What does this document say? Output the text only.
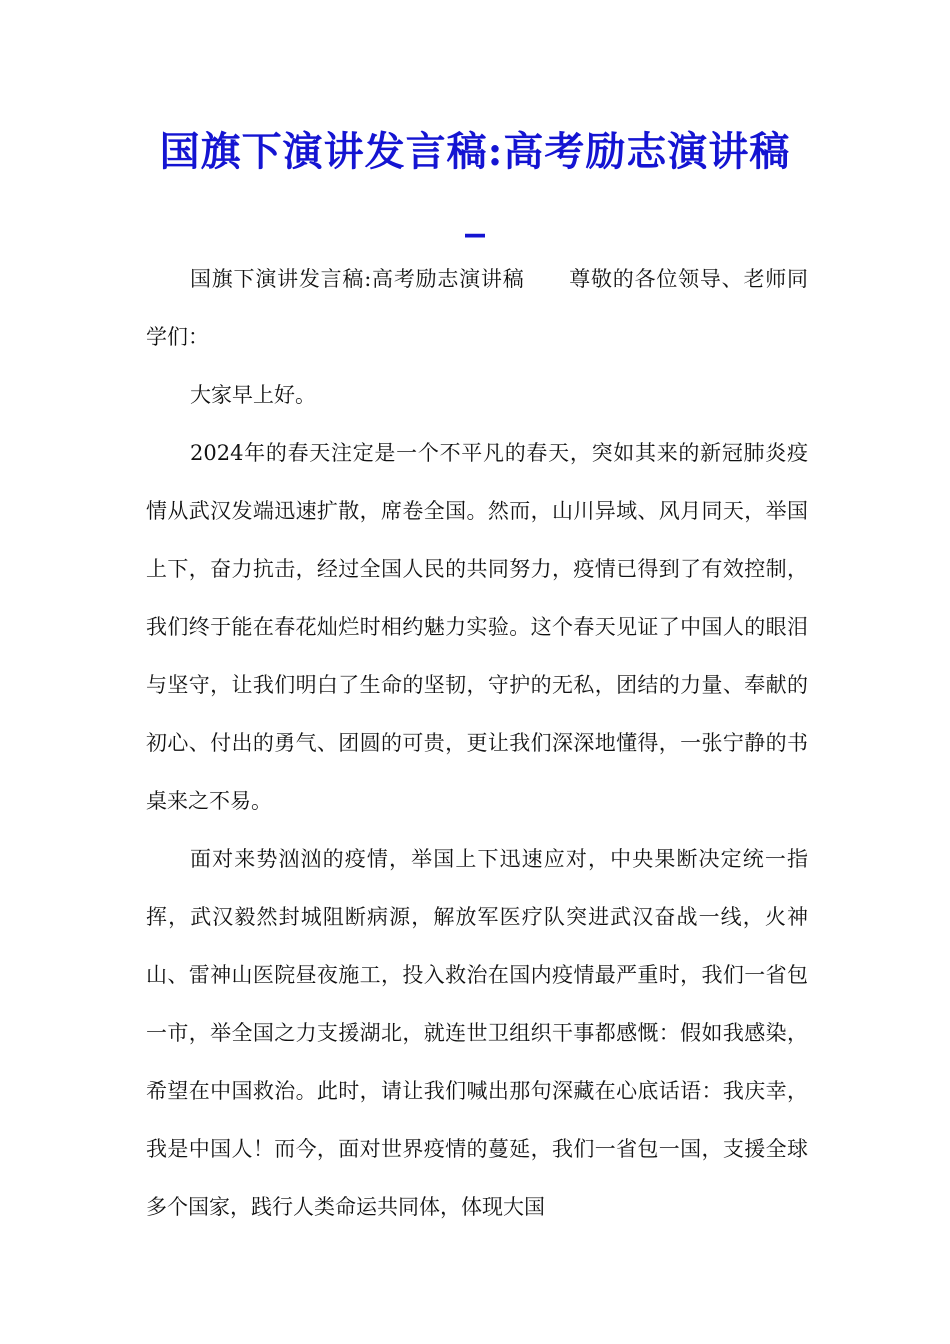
国旗下演讲发言稿:高考励志演讲稿
_

国旗下演讲发言稿:高考励志演讲稿 尊敬的各位领导、老师同学们：

大家早上好。

2024年的春天注定是一个不平凡的春天，突如其来的新冠肺炎疫情从武汉发端迅速扩散，席卷全国。然而，山川异域、风月同天，举国上下，奋力抗击，经过全国人民的共同努力，疫情已得到了有效控制，我们终于能在春花灿烂时相约魅力实验。这个春天见证了中国人的眼泪与坚守，让我们明白了生命的坚韧，守护的无私，团结的力量、奉献的初心、付出的勇气、团圆的可贵，更让我们深深地懂得，一张宁静的书桌来之不易。

面对来势汹汹的疫情，举国上下迅速应对，中央果断决定统一指挥，武汉毅然封城阻断病源，解放军医疗队突进武汉奋战一线，火神山、雷神山医院昼夜施工，投入救治在国内疫情最严重时，我们一省包一市，举全国之力支援湖北，就连世卫组织干事都感慨：假如我感染，希望在中国救治。此时，请让我们喊出那句深藏在心底话语：我庆幸，我是中国人！而今，面对世界疫情的蔓延，我们一省包一国，支援全球多个国家，践行人类命运共同体，体现大国
